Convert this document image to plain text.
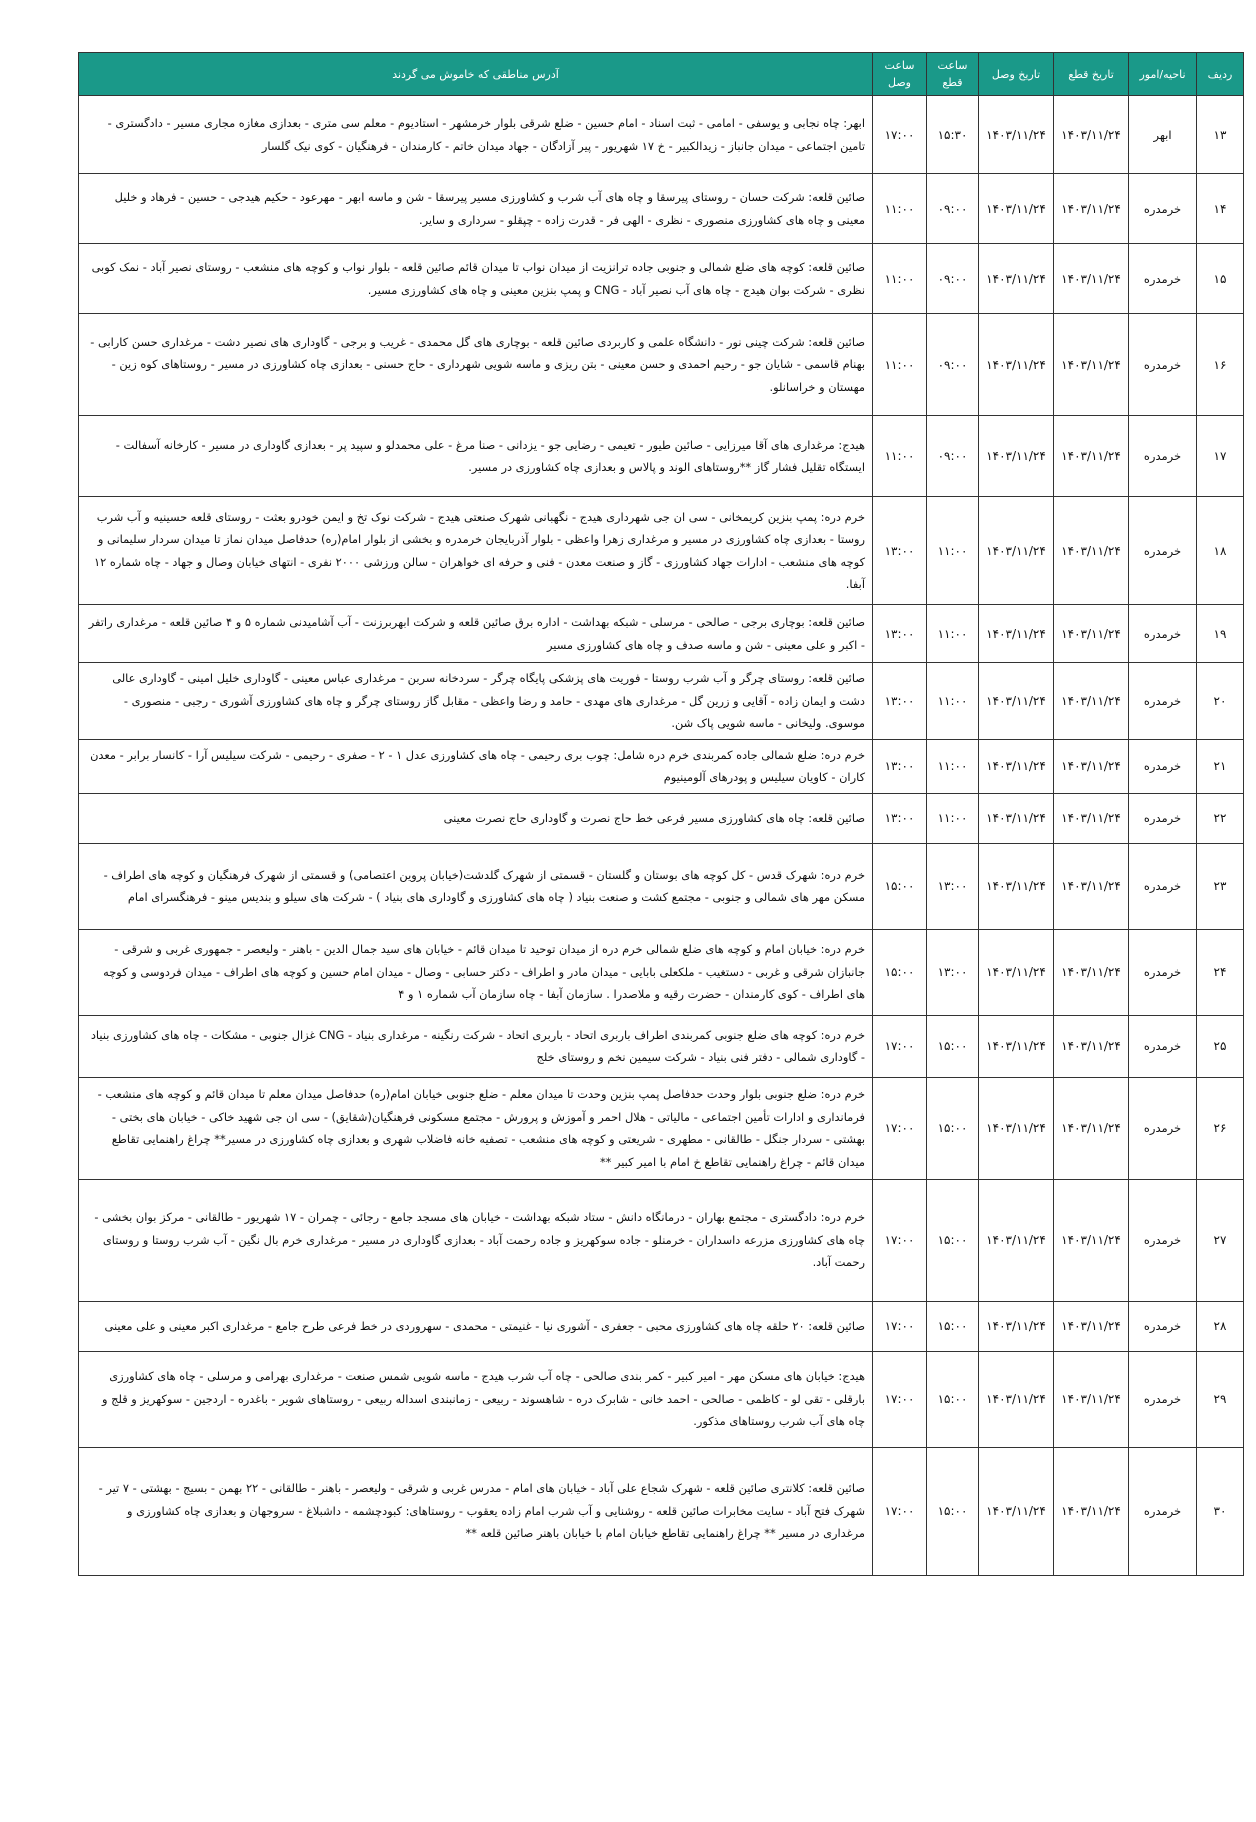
ردیف	ناحیه/امور	تاریخ قطع	تاریخ وصل	ساعت قطع	ساعت وصل	آدرس مناطقی که خاموش می گردند
۱۳	ابهر	۱۴۰۳/۱۱/۲۴	۱۴۰۳/۱۱/۲۴	۱۵:۳۰	۱۷:۰۰	ابهر: چاه نجابی و یوسفی - امامی - ثبت اسناد - امام حسین - ضلع شرقی بلوار خرمشهر - استادیوم - معلم سی متری - بعدازی مغازه مجاری مسیر - دادگستری - تامین اجتماعی - میدان جانباز - زیدالکبیر - خ ۱۷ شهریور - پیر آزادگان - جهاد میدان خاتم - کارمندان - فرهنگیان - کوی نیک گلسار
۱۴	خرمدره	۱۴۰۳/۱۱/۲۴	۱۴۰۳/۱۱/۲۴	۰۹:۰۰	۱۱:۰۰	صائین قلعه: شرکت حسان - روستای پیرسقا و چاه های آب شرب و کشاورزی مسیر پیرسقا - شن و ماسه ابهر - مهرعود - حکیم هیدجی - حسین - فرهاد و خلیل معینی و چاه های کشاورزی منصوری - نظری - الهی فر - قدرت زاده - چپقلو - سرداری و سایر.
۱۵	خرمدره	۱۴۰۳/۱۱/۲۴	۱۴۰۳/۱۱/۲۴	۰۹:۰۰	۱۱:۰۰	صائین قلعه: کوچه های ضلع شمالی و جنوبی جاده ترانزیت از میدان نواب تا میدان قائم صائین قلعه - بلوار نواب و کوچه های منشعب - روستای نصیر آباد - نمک کوبی نظری - شرکت بوان هیدج - چاه های آب نصیر آباد - CNG و پمپ بنزین معینی و چاه های کشاورزی مسیر.
۱۶	خرمدره	۱۴۰۳/۱۱/۲۴	۱۴۰۳/۱۱/۲۴	۰۹:۰۰	۱۱:۰۰	صائین قلعه: شرکت چینی نور - دانشگاه علمی و کاربردی صائین قلعه - بوچاری های گل محمدی - غریب و برجی - گاوداری های نصیر دشت - مرغداری حسن کارابی - بهنام قاسمی - شایان جو - رحیم احمدی و حسن معینی - بتن ریزی و ماسه شویی شهرداری - حاج حسنی - بعدازی چاه کشاورزی در مسیر - روستاهای کوه زین - مهستان و خراسانلو.
۱۷	خرمدره	۱۴۰۳/۱۱/۲۴	۱۴۰۳/۱۱/۲۴	۰۹:۰۰	۱۱:۰۰	هیدج: مرغداری های آقا میرزایی - صائین طیور - تعیمی - رضایی جو - یزدانی - صنا مرغ - علی محمدلو و سپید پر - بعدازی گاوداری در مسیر - کارخانه آسفالت - ایستگاه تقلیل فشار گاز **روستاهای الوند و پالاس و بعدازی چاه کشاورزی در مسیر.
۱۸	خرمدره	۱۴۰۳/۱۱/۲۴	۱۴۰۳/۱۱/۲۴	۱۱:۰۰	۱۳:۰۰	خرم دره: پمپ بنزین کریمخانی - سی ان جی شهرداری هیدج - نگهبانی شهرک صنعتی هیدج - شرکت نوک تخ و ایمن خودرو بعثت - روستای قلعه حسینیه و آب شرب روستا - بعدازی چاه کشاورزی در مسیر و مرغداری زهرا واعظی - بلوار آذربایجان خرمدره و بخشی از بلوار امام(ره) حدفاصل میدان نماز تا میدان سردار سلیمانی و کوچه های منشعب - ادارات جهاد کشاورزی - گاز و صنعت معدن - فنی و حرفه ای خواهران - سالن ورزشی ۲۰۰۰ نفری - انتهای خیابان وصال و جهاد - چاه شماره ۱۲ آبفا.
۱۹	خرمدره	۱۴۰۳/۱۱/۲۴	۱۴۰۳/۱۱/۲۴	۱۱:۰۰	۱۳:۰۰	صائین قلعه: بوچاری برجی - صالحی - مرسلی - شبکه بهداشت - اداره برق صائین قلعه و شرکت ابهربرزنت - آب آشامیدنی شماره ۵ و ۴ صائین قلعه - مرغداری راتفر - اکبر و علی معینی - شن و ماسه صدف و چاه های کشاورزی مسیر
۲۰	خرمدره	۱۴۰۳/۱۱/۲۴	۱۴۰۳/۱۱/۲۴	۱۱:۰۰	۱۳:۰۰	صائین قلعه: روستای چرگر و آب شرب روستا - فوریت های پزشکی پایگاه چرگر - سردخانه سربن - مرغداری عباس معینی - گاوداری خلیل امینی - گاوداری عالی دشت و ایمان زاده - آقایی و زرین گل - مرغداری های مهدی - حامد و رضا واعظی - مقابل گاز روستای چرگر و چاه های کشاورزی آشوری - رجبی - منصوری - موسوی. ولیخانی - ماسه شویی پاک شن.
۲۱	خرمدره	۱۴۰۳/۱۱/۲۴	۱۴۰۳/۱۱/۲۴	۱۱:۰۰	۱۳:۰۰	خرم دره: ضلع شمالی جاده کمربندی خرم دره شامل: چوب بری رحیمی - چاه های کشاورزی عدل ۱ - ۲ - صفری - رحیمی - شرکت سیلیس آرا - کانسار برابر - معدن کاران - کاویان سیلیس و پودرهای آلومینیوم
۲۲	خرمدره	۱۴۰۳/۱۱/۲۴	۱۴۰۳/۱۱/۲۴	۱۱:۰۰	۱۳:۰۰	صائین قلعه: چاه های کشاورزی مسیر فرعی خط حاج نصرت و گاوداری حاج نصرت معینی
۲۳	خرمدره	۱۴۰۳/۱۱/۲۴	۱۴۰۳/۱۱/۲۴	۱۳:۰۰	۱۵:۰۰	خرم دره: شهرک قدس - کل کوچه های بوستان و گلستان - قسمتی از شهرک گلدشت(خیابان پروین اعتصامی) و قسمتی از شهرک فرهنگیان و کوچه های اطراف - مسکن مهر های شمالی و جنوبی - مجتمع کشت و صنعت بنیاد ( چاه های کشاورزی و گاوداری های بنیاد ) - شرکت های سیلو و بندیس مینو - فرهنگسرای امام
۲۴	خرمدره	۱۴۰۳/۱۱/۲۴	۱۴۰۳/۱۱/۲۴	۱۳:۰۰	۱۵:۰۰	خرم دره: خیابان امام و کوچه های ضلع شمالی خرم دره از میدان توحید تا میدان قائم - خیابان های سید جمال الدین - باهنر - ولیعصر - جمهوری غربی و شرقی - جانبازان شرقی و غربی - دستغیب - ملکعلی بابایی - میدان مادر و اطراف - دکتر حسابی - وصال - میدان امام حسین و کوچه های اطراف - میدان فردوسی و کوچه های اطراف - کوی کارمندان - حضرت رقیه و ملاصدرا . سازمان آبفا - چاه سازمان آب شماره ۱ و ۴
۲۵	خرمدره	۱۴۰۳/۱۱/۲۴	۱۴۰۳/۱۱/۲۴	۱۵:۰۰	۱۷:۰۰	خرم دره: کوچه های ضلع جنوبی کمربندی اطراف باربری اتحاد - باربری اتحاد - شرکت رنگینه - مرغداری بنیاد - CNG غزال جنوبی - مشکات - چاه های کشاورزی بنیاد - گاوداری شمالی - دفتر فنی بنیاد - شرکت سیمین نخم و روستای خلج
۲۶	خرمدره	۱۴۰۳/۱۱/۲۴	۱۴۰۳/۱۱/۲۴	۱۵:۰۰	۱۷:۰۰	خرم دره: ضلع جنوبی بلوار وحدت حدفاصل پمپ بنزین وحدت تا میدان معلم - ضلع جنوبی خیابان امام(ره) حدفاصل میدان معلم تا میدان قائم و کوچه های منشعب - فرمانداری و ادارات تأمین اجتماعی - مالیاتی - هلال احمر و آموزش و پرورش - مجتمع مسکونی فرهنگیان(شقایق) - سی ان جی شهید خاکی - خیابان های بختی - بهشتی - سردار جنگل - طالقانی - مطهری - شریعتی و کوچه های منشعب - تصفیه خانه فاضلاب شهری و بعدازی چاه کشاورزی در مسیر** چراغ راهنمایی تقاطع میدان قائم - چراغ راهنمایی تقاطع خ امام با امیر کبیر **
۲۷	خرمدره	۱۴۰۳/۱۱/۲۴	۱۴۰۳/۱۱/۲۴	۱۵:۰۰	۱۷:۰۰	خرم دره: دادگستری - مجتمع بهاران - درمانگاه دانش - ستاد شبکه بهداشت - خیابان های مسجد جامع - رجائی - چمران - ۱۷ شهریور - طالقانی - مرکز بوان بخشی - چاه های کشاورزی مزرعه داسداران - خرمنلو - جاده سوکهریز و جاده رحمت آباد - بعدازی گاوداری در مسیر - مرغداری خرم بال نگین - آب شرب روستا و روستای رحمت آباد.
۲۸	خرمدره	۱۴۰۳/۱۱/۲۴	۱۴۰۳/۱۱/۲۴	۱۵:۰۰	۱۷:۰۰	صائین قلعه: ۲۰ حلقه چاه های کشاورزی محبی - جعفری - آشوری نیا - غنیمتی - محمدی - سهروردی در خط فرعی طرح جامع - مرغداری اکبر معینی و علی معینی
۲۹	خرمدره	۱۴۰۳/۱۱/۲۴	۱۴۰۳/۱۱/۲۴	۱۵:۰۰	۱۷:۰۰	هیدج: خیابان های مسکن مهر - امیر کبیر - کمر بندی صالحی - چاه آب شرب هیدج - ماسه شویی شمس صنعت - مرغداری بهرامی و مرسلی - چاه های کشاورزی بارقلی - تقی لو - کاظمی - صالحی - احمد خانی - شابرک دره - شاهسوند - ربیعی - زمانبندی اسداله ربیعی - روستاهای شویر - باغدره - اردجین - سوکهریز و قلج و چاه های آب شرب روستاهای مذکور.
۳۰	خرمدره	۱۴۰۳/۱۱/۲۴	۱۴۰۳/۱۱/۲۴	۱۵:۰۰	۱۷:۰۰	صائین قلعه: کلانتری صائین قلعه - شهرک شجاع علی آباد - خیابان های امام - مدرس غربی و شرقی - ولیعصر - باهنر - طالقانی - ۲۲ بهمن - بسیج - بهشتی - ۷ تیر - شهرک فتح آباد - سایت مخابرات صائین قلعه - روشنایی و آب شرب امام زاده یعقوب - روستاهای: کبودچشمه - داشبلاغ - سروجهان و بعدازی چاه کشاورزی و مرغداری در مسیر ** چراغ راهنمایی تقاطع خیابان امام با خیابان باهنر صائین قلعه **
